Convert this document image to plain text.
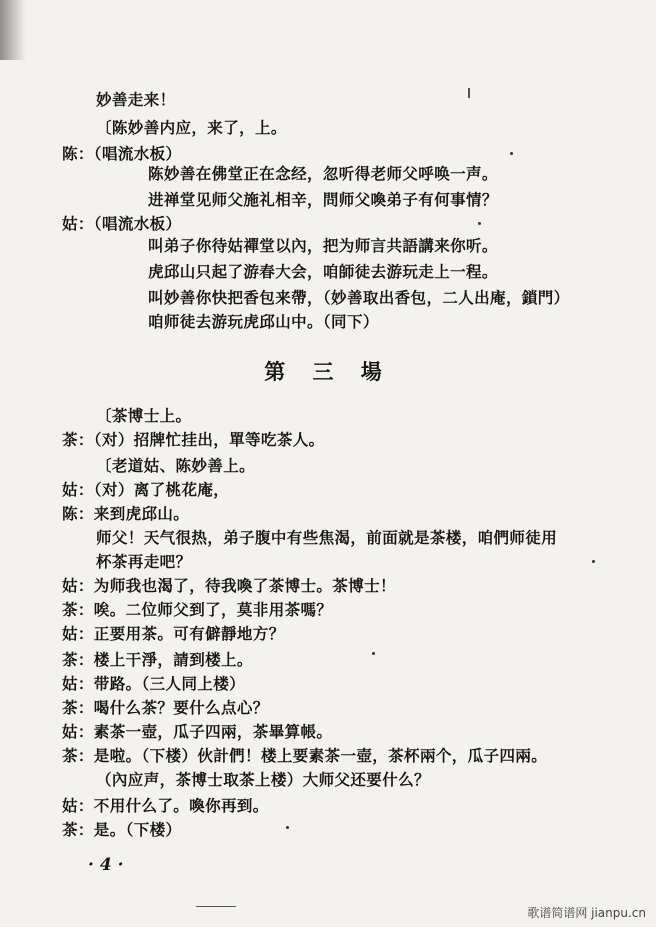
妙善走来！
〔陈妙善内应，来了，上。
陈：（唱流水板）
陈妙善在佛堂正在念经，忽听得老师父呼唤一声。
进禅堂见师父施礼相辛，問师父喚弟子有何事情？
姑：（唱流水板）
叫弟子你待姑禪堂以內，把为师言共語講来你听。
虎邱山只起了游春大会，咱師徒去游玩走上一程。
叫妙善你快把香包来帶，（妙善取出香包，二人出庵，鎖門）
咱师徒去游玩虎邱山中。（同下）
第 三 場
〔茶博士上。
茶：（对）招牌忙挂出，單等吃茶人。
〔老道姑、陈妙善上。
姑：（对）离了桃花庵，
陈：来到虎邱山。
师父！天气很热，弟子腹中有些焦渴，前面就是茶楼，咱們师徒用
杯茶再走吧？
姑：为师我也渴了，待我喚了茶博士。茶博士！
茶：唉。二位师父到了，莫非用茶嗎？
姑：正要用茶。可有僻靜地方？
茶：楼上干淨，請到楼上。
姑：带路。（三人同上楼）
茶：喝什么茶？要什么点心？
姑：素茶一壺，瓜子四兩，茶畢算帳。
茶：是啦。（下楼）伙計們！楼上要素茶一壺，茶杯兩个，瓜子四兩。
（內应声，茶博士取茶上楼）大师父还要什么？
姑：不用什么了。喚你再到。
茶：是。（下楼）
· 4 ·
歌谱简谱网 jianpu.cn
